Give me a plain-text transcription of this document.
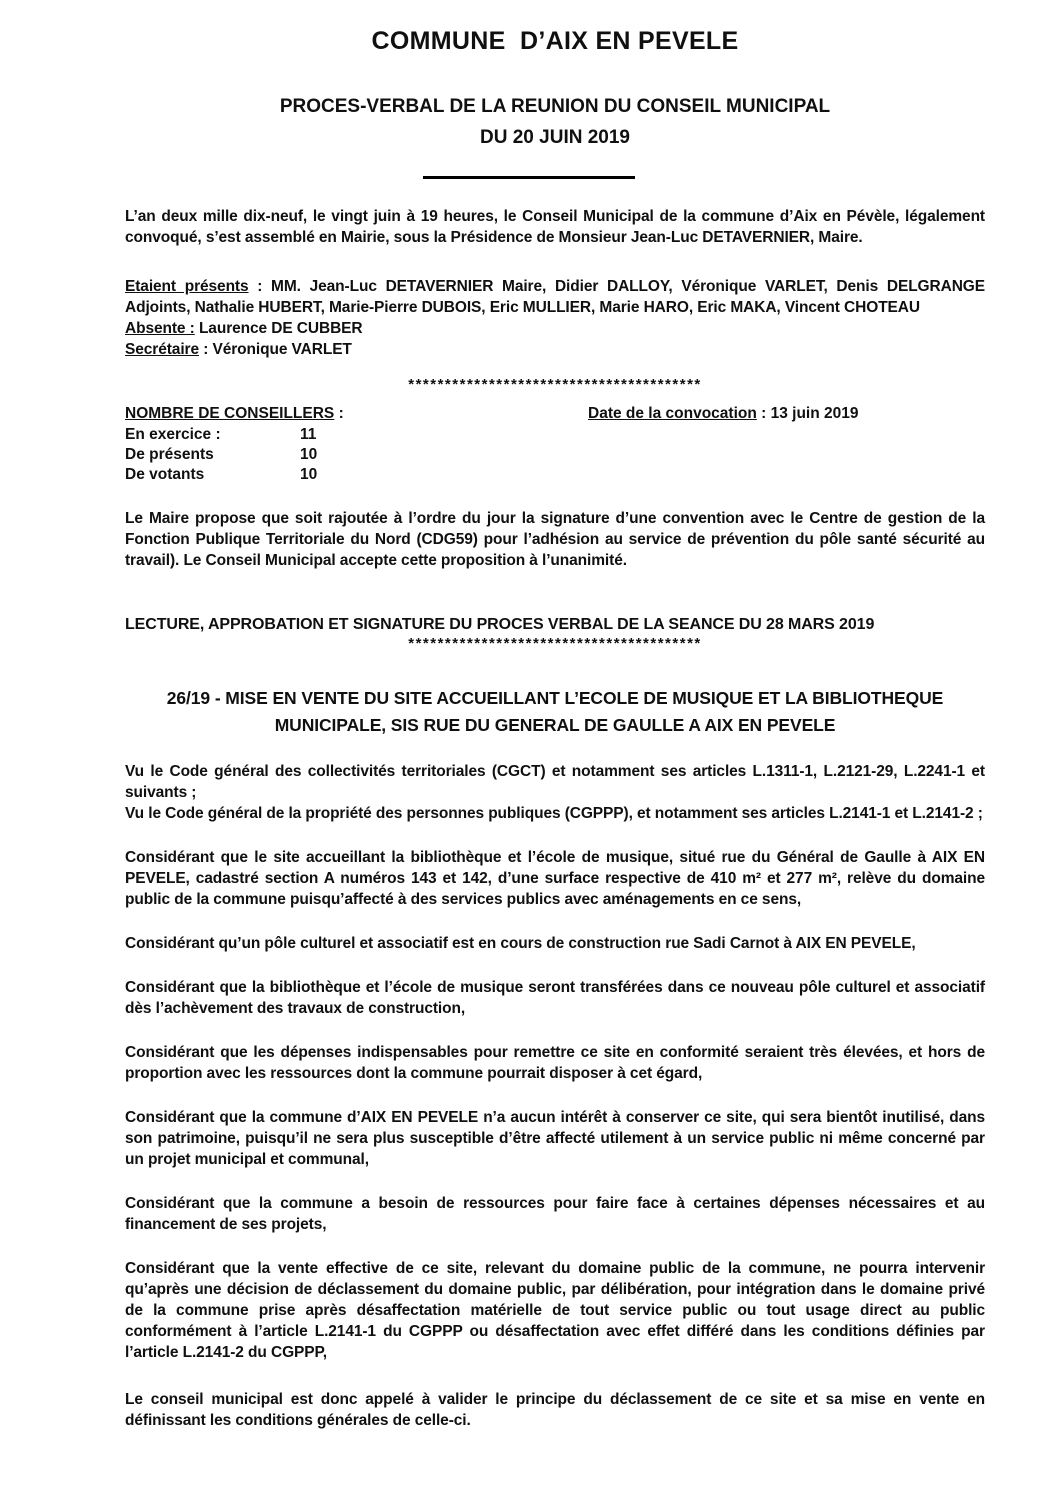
COMMUNE  D’AIX EN PEVELE
PROCES-VERBAL DE LA REUNION DU CONSEIL MUNICIPAL
DU 20 JUIN 2019

L’an deux mille dix-neuf, le vingt juin à 19 heures, le Conseil Municipal de la commune d’Aix en Pévèle, légalement convoqué, s’est assemblé en Mairie, sous la Présidence de Monsieur Jean-Luc DETAVERNIER, Maire.

Etaient présents : MM. Jean-Luc DETAVERNIER Maire, Didier DALLOY, Véronique VARLET, Denis DELGRANGE Adjoints, Nathalie HUBERT, Marie-Pierre DUBOIS, Eric MULLIER, Marie HARO, Eric MAKA, Vincent CHOTEAU

Absente : Laurence DE CUBBER

Secrétaire : Véronique VARLET

****************************************
NOMBRE DE CONSEILLERS :
En exercice :	11
De présents	10
De votants	10
Date de la convocation : 13 juin 2019

Le Maire propose que soit rajoutée à l’ordre du jour la signature d’une convention avec le Centre de gestion de la Fonction Publique Territoriale du Nord (CDG59) pour l’adhésion au service de prévention du pôle santé sécurité au travail). Le Conseil Municipal accepte cette proposition à l’unanimité.

LECTURE, APPROBATION ET SIGNATURE DU PROCES VERBAL DE LA SEANCE DU 28 MARS 2019
****************************************
26/19 - MISE EN VENTE DU SITE ACCUEILLANT L’ECOLE DE MUSIQUE ET LA BIBLIOTHEQUE MUNICIPALE, SIS RUE DU GENERAL DE GAULLE A AIX EN PEVELE

Vu le Code général des collectivités territoriales (CGCT) et notamment ses articles L.1311-1, L.2121-29, L.2241-1 et suivants ;

Vu le Code général de la propriété des personnes publiques (CGPPP), et notamment ses articles L.2141-1 et L.2141-2 ;

Considérant que le site accueillant la bibliothèque et l’école de musique, situé rue du Général de Gaulle à AIX EN PEVELE, cadastré section A numéros 143 et 142, d’une surface respective de 410 m² et 277 m², relève du domaine public de la commune puisqu’affecté à des services publics avec aménagements en ce sens,

Considérant qu’un pôle culturel et associatif est en cours de construction rue Sadi Carnot à AIX EN PEVELE,

Considérant que la bibliothèque et l’école de musique seront transférées dans ce nouveau pôle culturel et associatif dès l’achèvement des travaux de construction,

Considérant que les dépenses indispensables pour remettre ce site en conformité seraient très élevées, et hors de proportion avec les ressources dont la commune pourrait disposer à cet égard,

Considérant que la commune d’AIX EN PEVELE n’a aucun intérêt à conserver ce site, qui sera bientôt inutilisé, dans son patrimoine, puisqu’il ne sera plus susceptible d’être affecté utilement à un service public ni même concerné par un projet municipal et communal,

Considérant que la commune a besoin de ressources pour faire face à certaines dépenses nécessaires et au financement de ses projets,

Considérant que la vente effective de ce site, relevant du domaine public de la commune, ne pourra intervenir qu’après une décision de déclassement du domaine public, par délibération, pour intégration dans le domaine privé de la commune prise après désaffectation matérielle de tout service public ou tout usage direct au public conformément à l’article L.2141-1 du CGPPP ou désaffectation avec effet différé dans les conditions définies par l’article L.2141-2 du CGPPP,

Le conseil municipal est donc appelé à valider le principe du déclassement de ce site et sa mise en vente en définissant les conditions générales de celle-ci.
